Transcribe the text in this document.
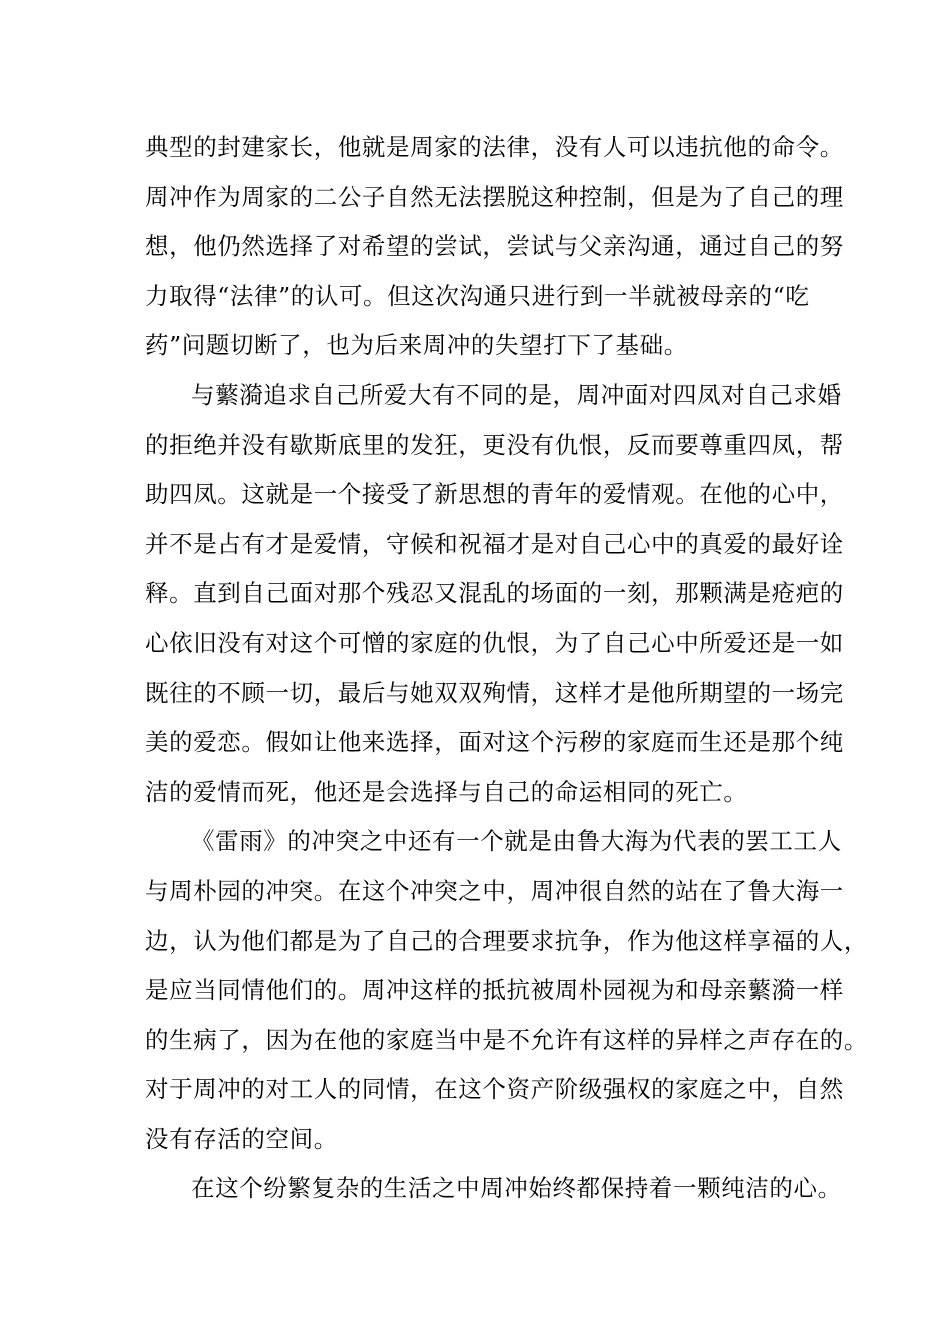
典型的封建家长，他就是周家的法律，没有人可以违抗他的命令。
周冲作为周家的二公子自然无法摆脱这种控制，但是为了自己的理
想，他仍然选择了对希望的尝试，尝试与父亲沟通，通过自己的努
力取得“法律”的认可。但这次沟通只进行到一半就被母亲的“吃
药”问题切断了，也为后来周冲的失望打下了基础。
与蘩漪追求自己所爱大有不同的是，周冲面对四凤对自己求婚
的拒绝并没有歇斯底里的发狂，更没有仇恨，反而要尊重四凤，帮
助四凤。这就是一个接受了新思想的青年的爱情观。在他的心中，
并不是占有才是爱情，守候和祝福才是对自己心中的真爱的最好诠
释。直到自己面对那个残忍又混乱的场面的一刻，那颗满是疮疤的
心依旧没有对这个可憎的家庭的仇恨，为了自己心中所爱还是一如
既往的不顾一切，最后与她双双殉情，这样才是他所期望的一场完
美的爱恋。假如让他来选择，面对这个污秽的家庭而生还是那个纯
洁的爱情而死，他还是会选择与自己的命运相同的死亡。
《雷雨》的冲突之中还有一个就是由鲁大海为代表的罢工工人
与周朴园的冲突。在这个冲突之中，周冲很自然的站在了鲁大海一
边，认为他们都是为了自己的合理要求抗争，作为他这样享福的人，
是应当同情他们的。周冲这样的抵抗被周朴园视为和母亲蘩漪一样
的生病了，因为在他的家庭当中是不允许有这样的异样之声存在的。
对于周冲的对工人的同情，在这个资产阶级强权的家庭之中，自然
没有存活的空间。
在这个纷繁复杂的生活之中周冲始终都保持着一颗纯洁的心。
